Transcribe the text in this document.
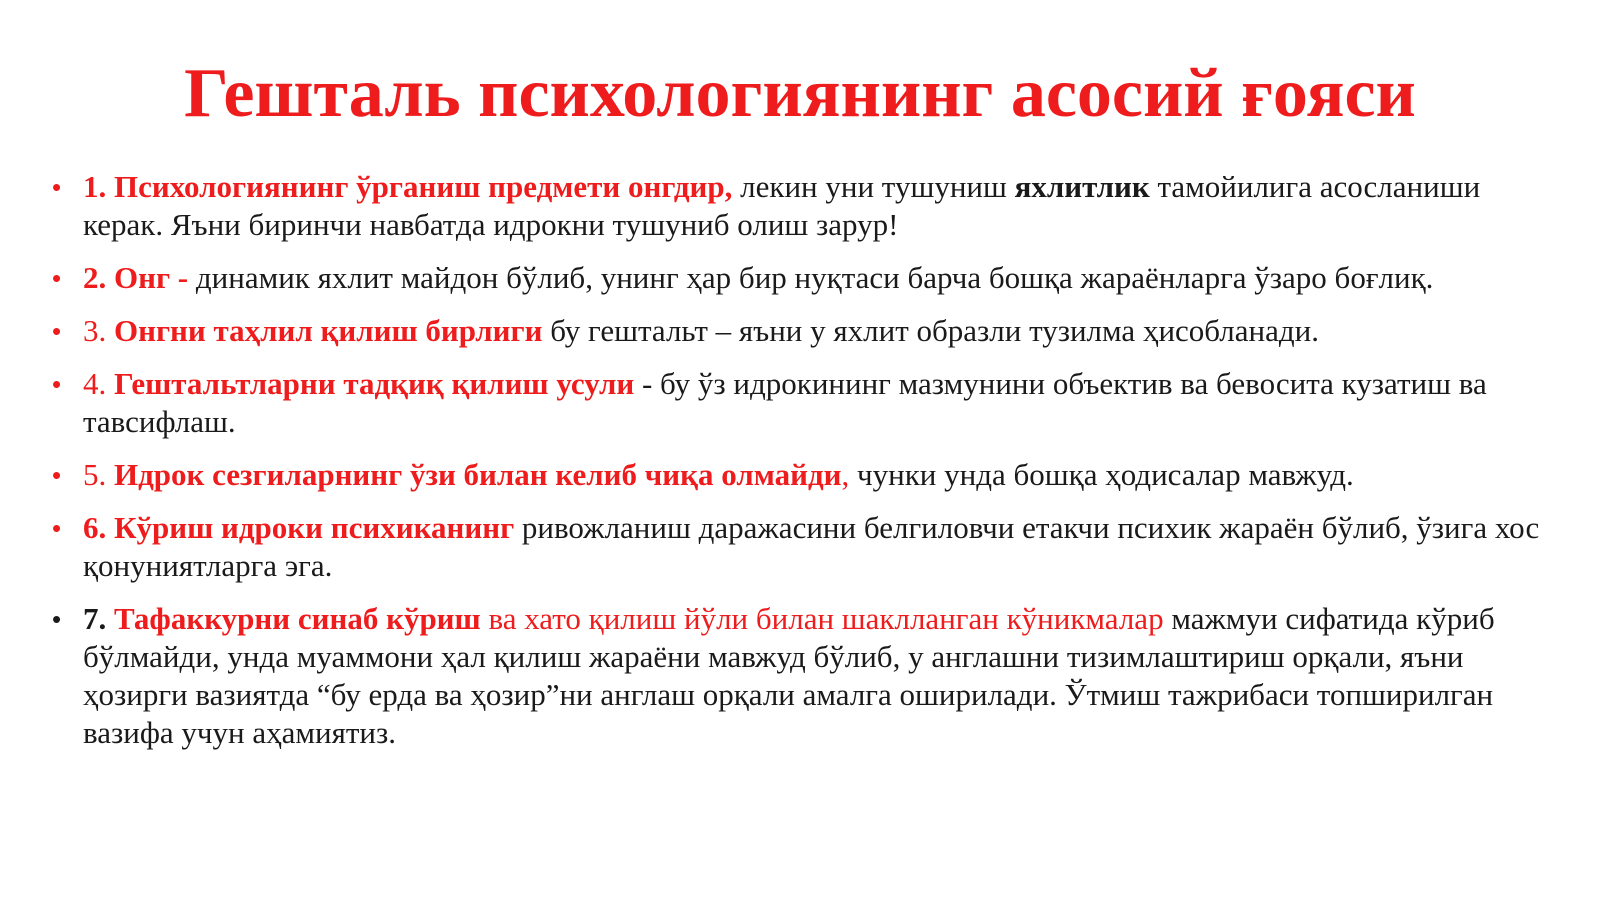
Гешталь психологиянинг асосий ғояси
• 1. Психологиянинг ўрганиш предмети онгдир, лекин уни тушуниш яхлитлик тамойилига асосланиши керак. Яъни биринчи навбатда идрокни тушуниб олиш зарур!
• 2. Онг - динамик яхлит майдон бўлиб, унинг ҳар бир нуқтаси барча бошқа жараёнларга ўзаро боғлиқ.
• 3. Онгни таҳлил қилиш бирлиги бу гештальт – яъни у яхлит образли тузилма ҳисобланади.
• 4. Гештальтларни тадқиқ қилиш усули - бу ўз идрокининг мазмунини объектив ва бевосита кузатиш ва тавсифлаш.
• 5. Идрок сезгиларнинг ўзи билан келиб чиқа олмайди, чунки унда бошқа ҳодисалар мавжуд.
• 6. Кўриш идроки психиканинг ривожланиш даражасини белгиловчи етакчи психик жараён бўлиб, ўзига хос қонуниятларга эга.
• 7. Тафаккурни синаб кўриш ва хато қилиш йўли билан шаклланган кўникмалар мажмуи сифатида кўриб бўлмайди, унда муаммони ҳал қилиш жараёни мавжуд бўлиб, у англашни тизимлаштириш орқали, яъни ҳозирги вазиятда “бу ерда ва ҳозир”ни англаш орқали амалга оширилади. Ўтмиш тажрибаси топширилган вазифа учун аҳамиятиз.
